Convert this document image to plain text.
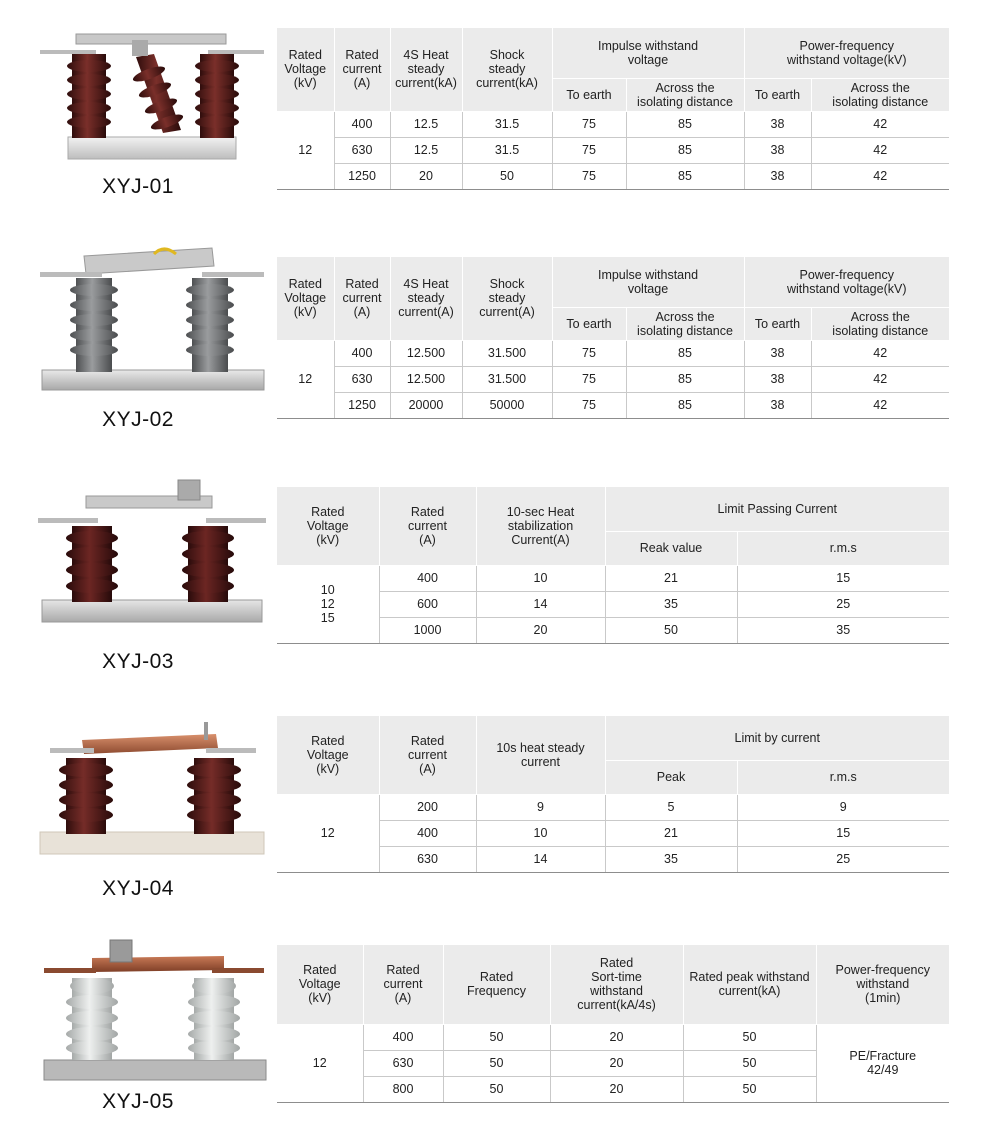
XYJ-01
Rated
Voltage
(kV)	Rated
current
(A)	4S Heat
steady
current(kA)	Shock
steady
current(kA)	Impulse withstand
voltage		Power-frequency
withstand voltage(kV)	
				To earth	Across the
isolating distance	To earth	Across the
isolating distance
12	400	12.5	31.5	75	85	38	42
	630	12.5	31.5	75	85	38	42
	1250	20	50	75	85	38	42
XYJ-02
Rated
Voltage
(kV)	Rated
current
(A)	4S Heat
steady
current(A)	Shock
steady
current(A)	Impulse withstand
voltage		Power-frequency
withstand voltage(kV)	
				To earth	Across the
isolating distance	To earth	Across the
isolating distance
12	400	12.500	31.500	75	85	38	42
	630	12.500	31.500	75	85	38	42
	1250	20000	50000	75	85	38	42
XYJ-03
Rated
Voltage
(kV)	Rated
current
(A)	10-sec Heat
stabilization
Current(A)	Limit Passing Current	
			Reak value	r.m.s
10
12
15	400	10	21	15
	600	14	35	25
	1000	20	50	35
XYJ-04
Rated
Voltage
(kV)	Rated
current
(A)	10s heat steady
current	Limit by current	
			Peak	r.m.s
12	200	9	5	9
	400	10	21	15
	630	14	35	25
XYJ-05
Rated
Voltage
(kV)	Rated
current
(A)	Rated
Frequency	Rated
Sort-time
withstand
current(kA/4s)	Rated peak withstand
current(kA)	Power-frequency
withstand
(1min)
12	400	50	20	50	PE/Fracture
42/49
	630	50	20	50	
	800	50	20	50	
